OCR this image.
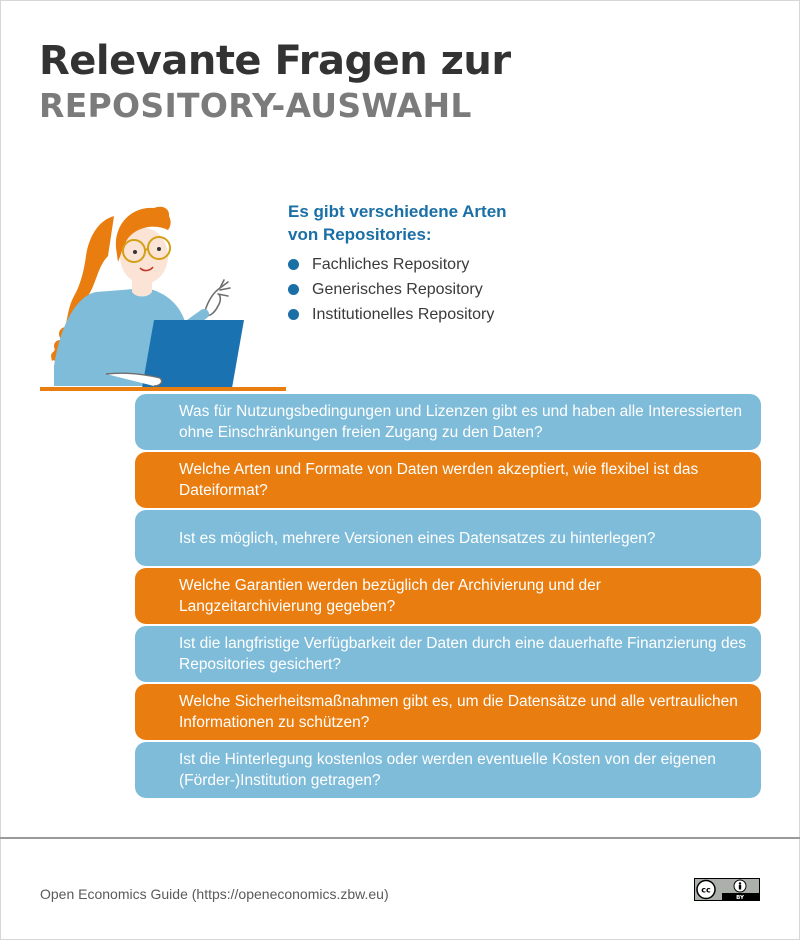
Relevante Fragen zur
REPOSITORY-AUSWAHL
Es gibt verschiedene Arten von Repositories:
Fachliches Repository
Generisches Repository
Institutionelles Repository
Was für Nutzungsbedingungen und Lizenzen gibt es und haben alle Interessierten ohne Einschränkungen freien Zugang zu den Daten?
Welche Arten und Formate von Daten werden akzeptiert, wie flexibel ist das Dateiformat?
Ist es möglich, mehrere Versionen eines Datensatzes zu hinterlegen?
Welche Garantien werden bezüglich der Archivierung und der Langzeitarchivierung gegeben?
Ist die langfristige Verfügbarkeit der Daten durch eine dauerhafte Finanzierung des Repositories gesichert?
Welche Sicherheitsmaßnahmen gibt es, um die Datensätze und alle vertraulichen Informationen zu schützen?
Ist die Hinterlegung kostenlos oder werden eventuelle Kosten von der eigenen (Förder-)Institution getragen?
Open Economics Guide (https://openeconomics.zbw.eu)	cc
BY
